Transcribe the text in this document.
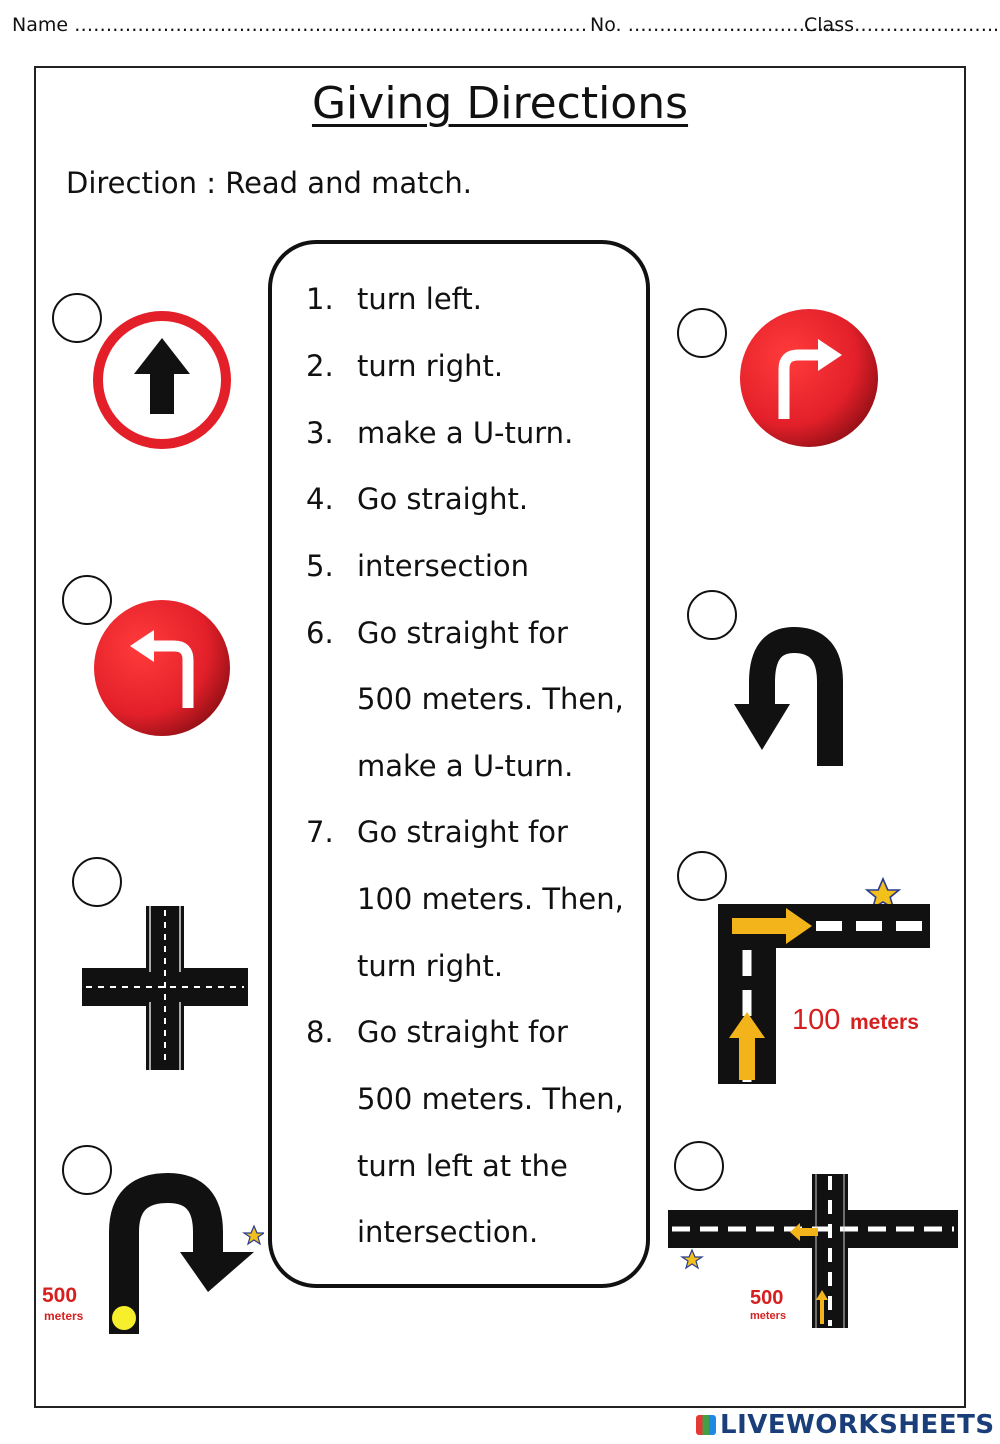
Name ……………………………………………………………………… No. ……………………………
Class…………………..
Giving Directions
Direction : Read and match.
1. turn left.
2. turn right.
3. make a U-turn.
4. Go straight.
5. intersection
6. Go straight for
500 meters. Then,
make a U-turn.
7. Go straight for
100 meters. Then,
turn right.
8. Go straight for
500 meters. Then,
turn left at the
intersection.
100 meters
500
meters
500
meters
LIVEWORKSHEETS
